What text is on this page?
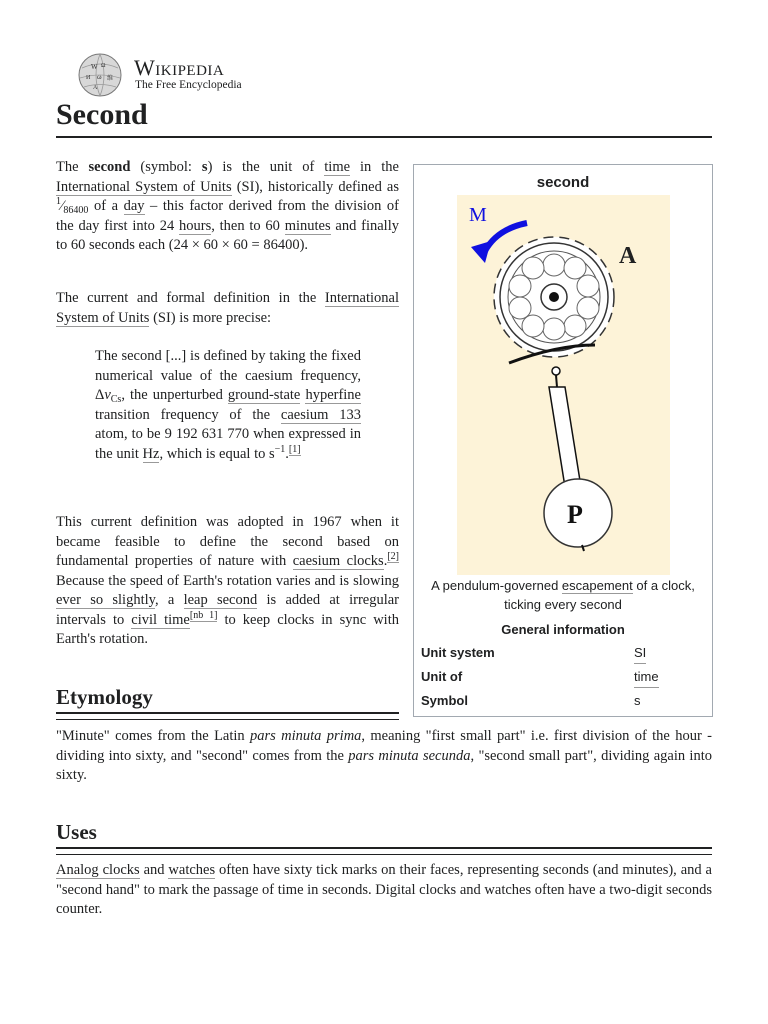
W Ω
И ω 维
A
Wikipedia
The Free Encyclopedia
Second

The second (symbol: s) is the unit of time in the International System of Units (SI), historically defined as $^1⁄_{86400}$ of a day – this factor derived from the division of the day first into 24 hours, then to 60 minutes and finally to 60 seconds each (24 × 60 × 60 = 86400).

The current and formal definition in the International System of Units (SI) is more precise:

The second [...] is defined by taking the fixed numerical value of the caesium frequency, $\Delta\nu_{Cs}$, the unperturbed ground-state hyperfine transition frequency of the caesium 133 atom, to be 9 192 631 770 when expressed in the unit Hz, which is equal to $s^{-1}.[1]$

This current definition was adopted in 1967 when it became feasible to define the second based on fundamental properties of nature with caesium clocks.[2] Because the speed of Earth's rotation varies and is slowing ever so slightly, a leap second is added at irregular intervals to civil time[nb 1] to keep clocks in sync with Earth's rotation.

Etymology

"Minute" comes from the Latin pars minuta prima, meaning "first small part" i.e. first division of the hour - dividing into sixty, and "second" comes from the pars minuta secunda, "second small part", dividing again into sixty.

Uses

Analog clocks and watches often have sixty tick marks on their faces, representing seconds (and minutes), and a "second hand" to mark the passage of time in seconds. Digital clocks and watches often have a two-digit seconds counter.

second
M
A
P
A pendulum-governed escapement of a clock, ticking every second
General information
Unit system	SI
Unit of	time
Symbol	s
